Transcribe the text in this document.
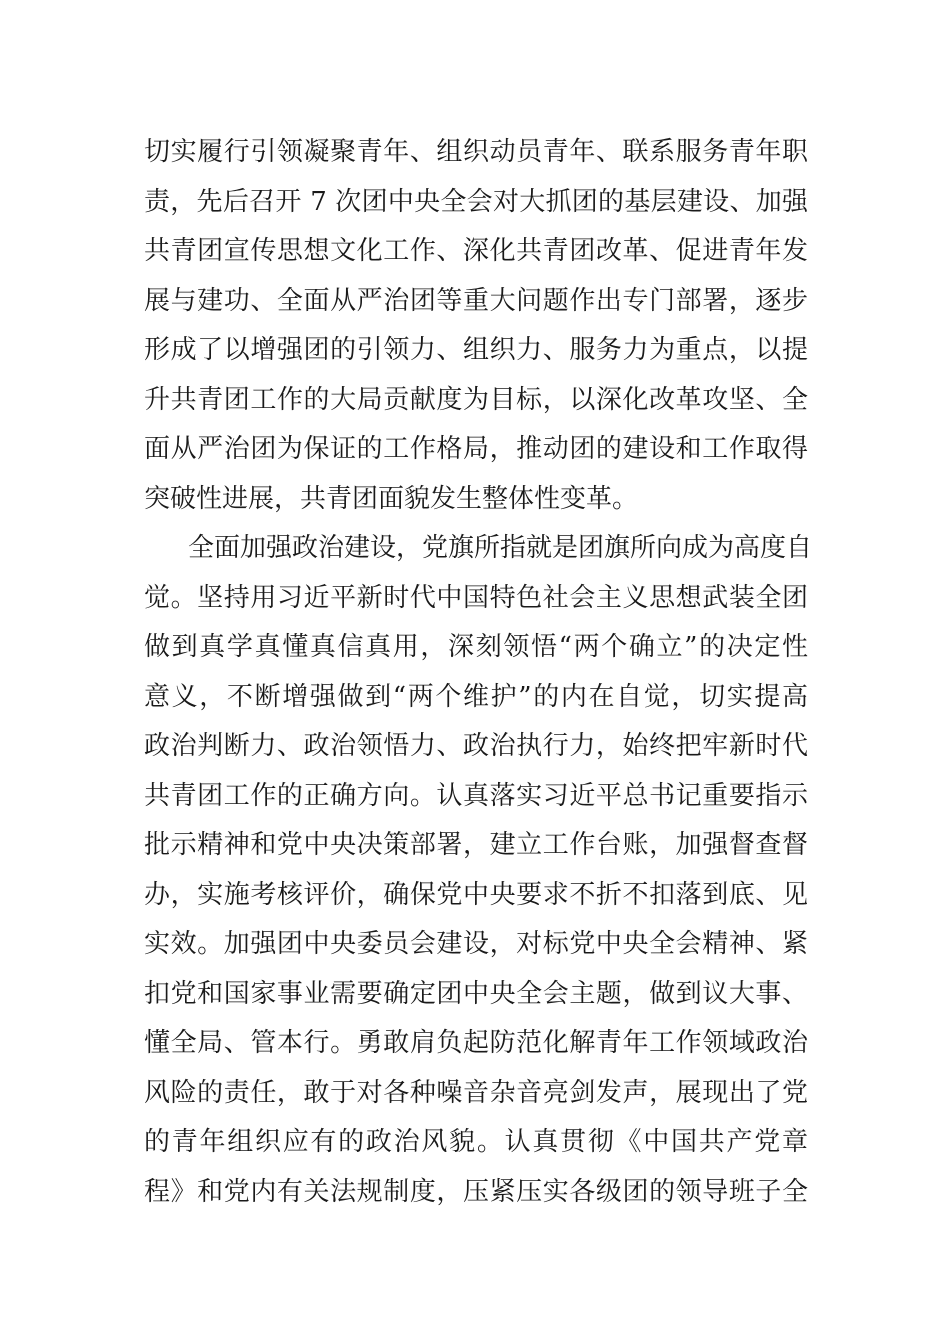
切实履行引领凝聚青年、组织动员青年、联系服务青年职
责，先后召开 7 次团中央全会对大抓团的基层建设、加强
共青团宣传思想文化工作、深化共青团改革、促进青年发
展与建功、全面从严治团等重大问题作出专门部署，逐步
形成了以增强团的引领力、组织力、服务力为重点，以提
升共青团工作的大局贡献度为目标，以深化改革攻坚、全
面从严治团为保证的工作格局，推动团的建设和工作取得
突破性进展，共青团面貌发生整体性变革。
全面加强政治建设，党旗所指就是团旗所向成为高度自
觉。坚持用习近平新时代中国特色社会主义思想武装全团
做到真学真懂真信真用，深刻领悟“两个确立”的决定性
意义，不断增强做到“两个维护”的内在自觉，切实提高
政治判断力、政治领悟力、政治执行力，始终把牢新时代
共青团工作的正确方向。认真落实习近平总书记重要指示
批示精神和党中央决策部署，建立工作台账，加强督查督
办，实施考核评价，确保党中央要求不折不扣落到底、见
实效。加强团中央委员会建设，对标党中央全会精神、紧
扣党和国家事业需要确定团中央全会主题，做到议大事、
懂全局、管本行。勇敢肩负起防范化解青年工作领域政治
风险的责任，敢于对各种噪音杂音亮剑发声，展现出了党
的青年组织应有的政治风貌。认真贯彻《中国共产党章
程》和党内有关法规制度，压紧压实各级团的领导班子全
